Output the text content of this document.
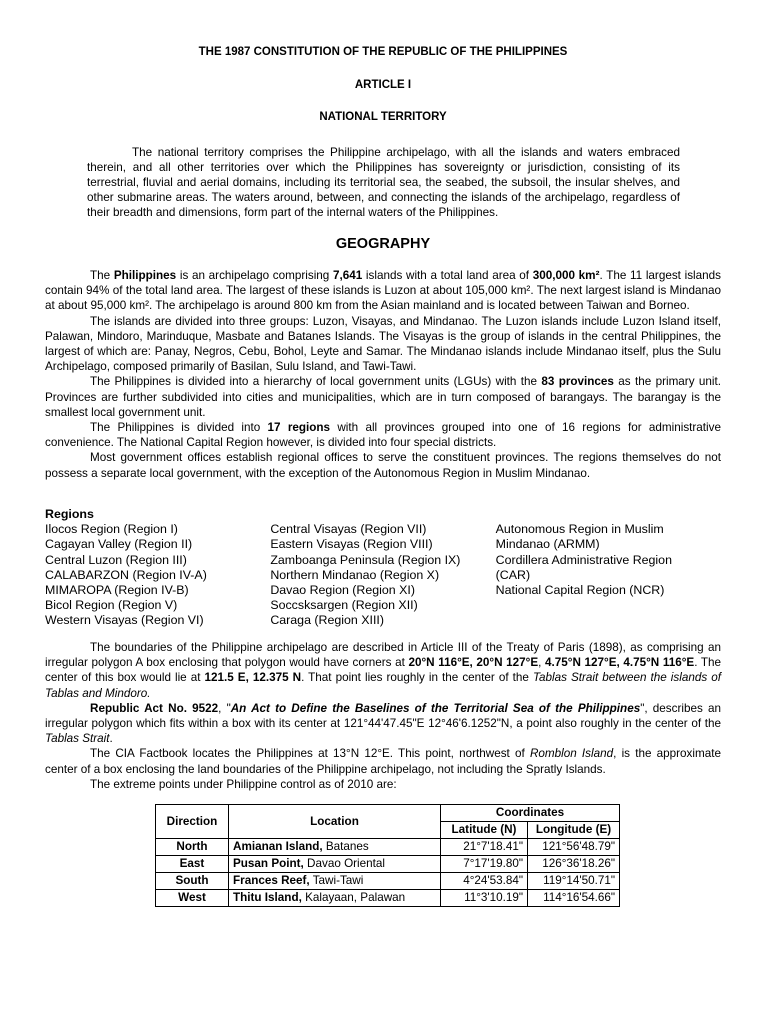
THE 1987 CONSTITUTION OF THE REPUBLIC OF THE PHILIPPINES
ARTICLE I
NATIONAL TERRITORY

The national territory comprises the Philippine archipelago, with all the islands and waters embraced therein, and all other territories over which the Philippines has sovereignty or jurisdiction, consisting of its terrestrial, fluvial and aerial domains, including its territorial sea, the seabed, the subsoil, the insular shelves, and other submarine areas. The waters around, between, and connecting the islands of the archipelago, regardless of their breadth and dimensions, form part of the internal waters of the Philippines.

GEOGRAPHY

The Philippines is an archipelago comprising 7,641 islands with a total land area of 300,000 km². The 11 largest islands contain 94% of the total land area. The largest of these islands is Luzon at about 105,000 km². The next largest island is Mindanao at about 95,000 km². The archipelago is around 800 km from the Asian mainland and is located between Taiwan and Borneo.

The islands are divided into three groups: Luzon, Visayas, and Mindanao. The Luzon islands include Luzon Island itself, Palawan, Mindoro, Marinduque, Masbate and Batanes Islands. The Visayas is the group of islands in the central Philippines, the largest of which are: Panay, Negros, Cebu, Bohol, Leyte and Samar. The Mindanao islands include Mindanao itself, plus the Sulu Archipelago, composed primarily of Basilan, Sulu Island, and Tawi-Tawi.

The Philippines is divided into a hierarchy of local government units (LGUs) with the 83 provinces as the primary unit. Provinces are further subdivided into cities and municipalities, which are in turn composed of barangays. The barangay is the smallest local government unit.

The Philippines is divided into 17 regions with all provinces grouped into one of 16 regions for administrative convenience. The National Capital Region however, is divided into four special districts.

Most government offices establish regional offices to serve the constituent provinces. The regions themselves do not possess a separate local government, with the exception of the Autonomous Region in Muslim Mindanao.

Regions
Ilocos Region (Region I)
Cagayan Valley (Region II)
Central Luzon (Region III)
CALABARZON (Region IV-A)
MIMAROPA (Region IV-B)
Bicol Region (Region V)
Western Visayas (Region VI)
Central Visayas (Region VII)
Eastern Visayas (Region VIII)
Zamboanga Peninsula (Region IX)
Northern Mindanao (Region X)
Davao Region (Region XI)
Soccsksargen (Region XII)
Caraga (Region XIII)
Autonomous Region in Muslim
Mindanao (ARMM)
Cordillera Administrative Region
(CAR)
National Capital Region (NCR)

The boundaries of the Philippine archipelago are described in Article III of the Treaty of Paris (1898), as comprising an irregular polygon A box enclosing that polygon would have corners at 20°N 116°E, 20°N 127°E, 4.75°N 127°E, 4.75°N 116°E. The center of this box would lie at 121.5 E, 12.375 N. That point lies roughly in the center of the Tablas Strait between the islands of Tablas and Mindoro.

Republic Act No. 9522, "An Act to Define the Baselines of the Territorial Sea of the Philippines", describes an irregular polygon which fits within a box with its center at 121°44'47.45"E 12°46'6.1252"N, a point also roughly in the center of the Tablas Strait.

The CIA Factbook locates the Philippines at 13°N 12°E. This point, northwest of Romblon Island, is the approximate center of a box enclosing the land boundaries of the Philippine archipelago, not including the Spratly Islands.

The extreme points under Philippine control as of 2010 are:

Direction	Location	Coordinates	
		Latitude (N)	Longitude (E)
North	Amianan Island, Batanes	21°7'18.41"	121°56'48.79"
East	Pusan Point, Davao Oriental	7°17'19.80"	126°36'18.26"
South	Frances Reef, Tawi-Tawi	4°24'53.84"	119°14'50.71"
West	Thitu Island, Kalayaan, Palawan	11°3'10.19"	114°16'54.66"
